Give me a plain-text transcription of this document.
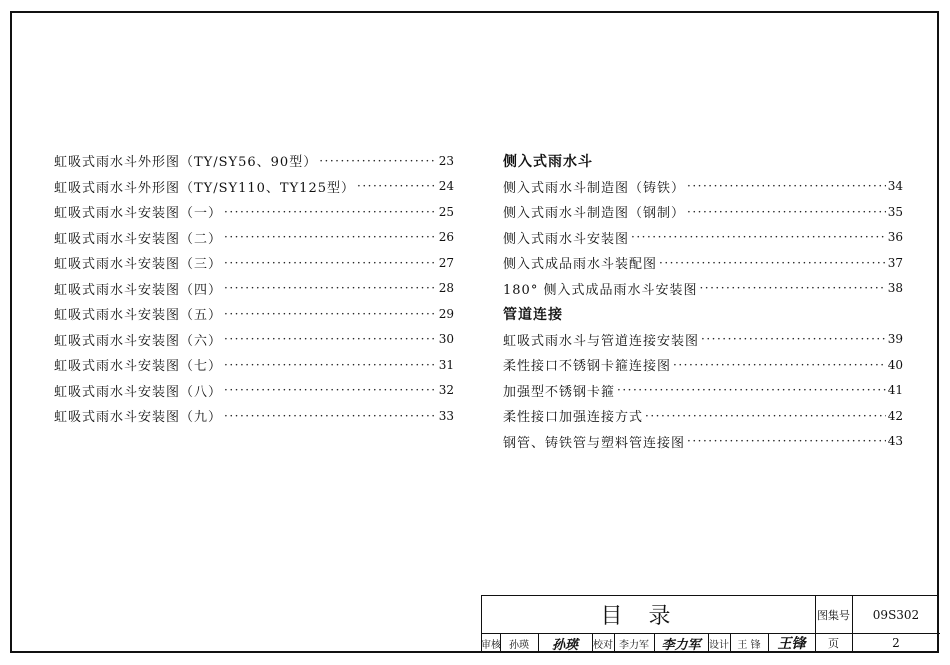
虹吸式雨水斗外形图（TY/SY56、90型） ·····	23
虹吸式雨水斗外形图（TY/SY110、TY125型） ·····	24
虹吸式雨水斗安装图（一） ·····	25
虹吸式雨水斗安装图（二） ·····	26
虹吸式雨水斗安装图（三） ·····	27
虹吸式雨水斗安装图（四） ·····	28
虹吸式雨水斗安装图（五） ·····	29
虹吸式雨水斗安装图（六） ·····	30
虹吸式雨水斗安装图（七） ·····	31
虹吸式雨水斗安装图（八） ·····	32
虹吸式雨水斗安装图（九） ·····	33
侧入式雨水斗
侧入式雨水斗制造图（铸铁） ·····	34
侧入式雨水斗制造图（钢制） ·····	35
侧入式雨水斗安装图 ·····	36
侧入式成品雨水斗装配图 ·····	37
180° 侧入式成品雨水斗安装图 ·····	38
管道连接
虹吸式雨水斗与管道连接安装图 ·····	39
柔性接口不锈钢卡箍连接图 ·····	40
加强型不锈钢卡箍 ·····	41
柔性接口加强连接方式 ·····	42
钢管、铸铁管与塑料管连接图 ·····	43
目录	图集号	09S302
页	2
审核 孙瑛	孙瑛	校对 李力军 李力军 设计 王 锋	王锋
